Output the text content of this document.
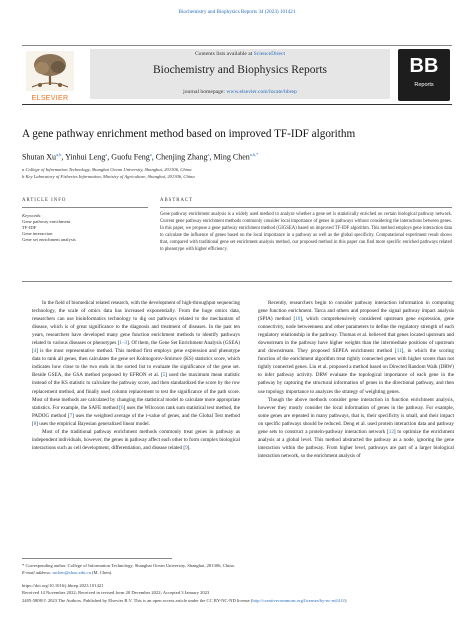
Biochemistry and Biophysics Reports 34 (2023) 101421
ELSEVIER
Contents lists available at ScienceDirect
Biochemistry and Biophysics Reports
journal homepage: www.elsevier.com/locate/bbrep
BB
Reports
A gene pathway enrichment method based on improved TF-IDF algorithm
Shutan Xu$^{a,b}$, Yinhui Leng$^a$, Guofu Feng$^a$, Chenjing Zhang$^a$, Ming Chen$^{a,b,*}$
a College of Information Technology, Shanghai Ocean University, Shanghai, 201306, China
b Key Laboratory of Fisheries Information, Ministry of Agriculture, Shanghai, 201306, China
ARTICLE INFO	ABSTRACT
Keywords:
Gene pathway enrichment
TF-IDF
Gene interaction
Gene set enrichment analysis
Gene pathway enrichment analysis is a widely used method to analyze whether a gene set is statistically enriched on certain biological pathway network. Current gene pathway enrichment methods commonly consider local importance of genes in pathways without considering the interactions between genes. In this paper, we propose a gene pathway enrichment method (GIGSEA) based on improved TF-IDF algorithm. This method employs gene interaction data to calculate the influence of genes based on the local importance in a pathway as well as the global specificity. Computational experiment result shows that, compared with traditional gene set enrichment analysis method, our proposed method in this paper can find more specific enriched pathways related to phenotype with higher efficiency.

In the field of biomedical related research, with the development of high-throughput sequencing technology, the scale of omics data has increased exponentially. From the huge omics data, researchers can use bioinformatics technology to dig out pathways related to the mechanism of disease, which is of great significance to the diagnosis and treatment of diseases. In the past ten years, researchers have developed many gene function enrichment methods to identify pathways related to various diseases or phenotypes [1–3]. Of them, the Gene Set Enrichment Analysis (GSEA) [4] is the most representative method. This method first employs gene expression and phenotype data to rank all genes, then calculates the gene set Kolmogorov-Smirnov (KS) statistics score, which indicates how close to the two ends in the sorted list to evaluate the significance of the gene set. Beside GSEA, the GSA method proposed by EFRON et al. [5] used the maximum mean statistic instead of the KS statistic to calculate the pathway score, and then standardized the score by the row replacement method, and finally used column replacement to test the significance of the path score. Most of these methods are calculated by changing the statistical model to calculate more appropriate statistics. For example, the SAFE method [6] uses the Wilcoxon rank sum statistical test method, the PADOG method [7] uses the weighted average of the t-value of genes, and the Global Test method [8] uses the empirical Bayesian generalized linear model.

Most of the traditional pathway enrichment methods commonly treat genes in pathway as independent individuals, however, the genes in pathway affect each other to form complex biological interactions such as cell development, differentiation, and disease related [9].

Recently, researchers begin to consider pathway interaction information in computing gene function enrichment. Tarca and others and proposed the signal pathway impact analysis (SPIA) method [10], which comprehensively considered upstream gene expression, gene connectivity, node betweenness and other parameters to define the regulatory strength of each regulatory relationship in the pathway. Thomas et al. believed that genes located upstream and downstream in the pathway have higher weights than the intermediate positions of upstream and downstream. They proposed SEPEA enrichment method [11], in which the scoring function of the enrichment algorithm treat tightly connected genes with higher scores than not tightly connected genes. Liu et al. proposed a method based on Directed Random Walk (DRW) to infer pathway activity. DRW evaluate the topological importance of each gene in the pathway by capturing the structural information of genes in the directional pathway, and then use topology importance to analyzes the strategy of weighting genes.

Though the above methods consider gene interaction in function enrichment analysis, however they mostly consider the local information of genes in the pathway. For example, some genes are repeated in many pathways, that is, their specificity is small, and their impact on specific pathways should be reduced. Deng et al. used protein interaction data and pathway gene sets to construct a protein-pathway interaction network [12] to optimize the enrichment analysis at a global level. This method abstracted the pathway as a node, ignoring the gene interaction within the pathway. From higher level, pathways are part of a larger biological interaction network, so the enrichment analysis of

* Corresponding author. College of Information Technology, Shanghai Ocean University, Shanghai, 201306, China.
E-mail address: mchen@shou.edu.cn (M. Chen).
https://doi.org/10.1016/j.bbrep.2023.101421
Received 14 November 2022; Received in revised form 20 December 2022; Accepted 3 January 2023
2405-5808/© 2023 The Authors. Published by Elsevier B.V. This is an open access article under the CC BY-NC-ND license (http://creativecommons.org/licenses/by-nc-nd/4.0/).
